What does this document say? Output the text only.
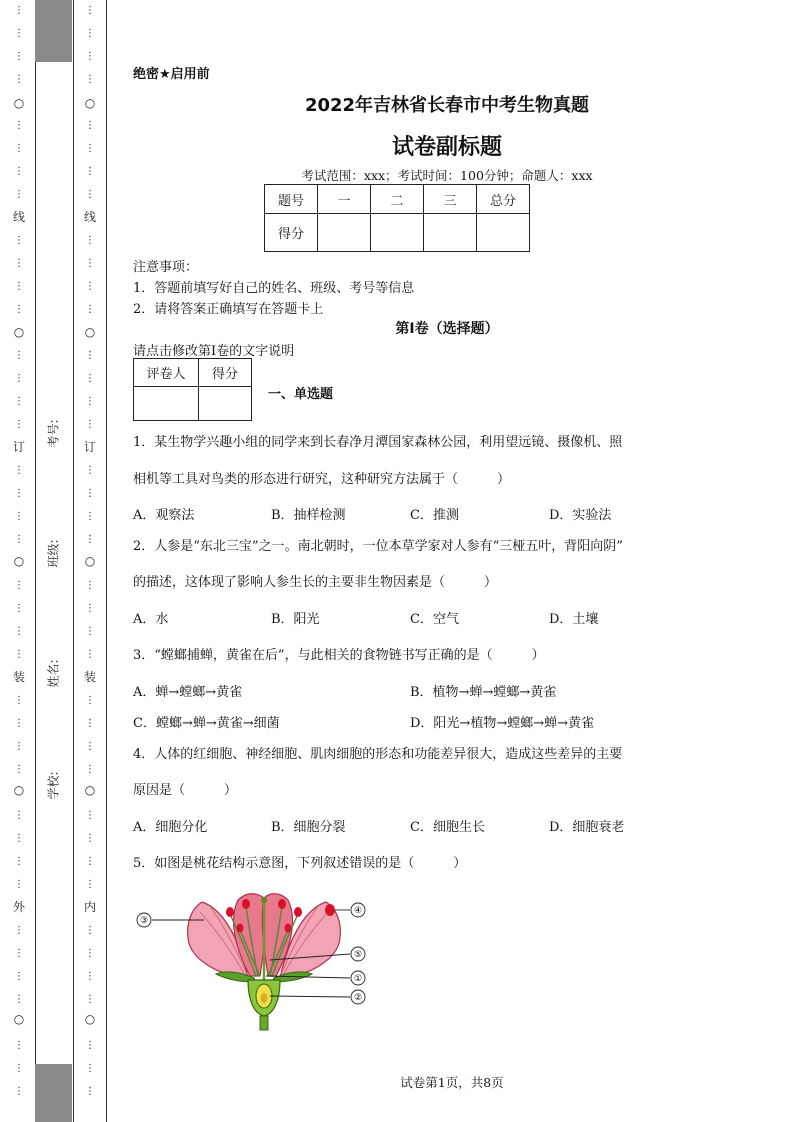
⋮
⋮
⋮
⋮
⋮
⋮
⋮
⋮
⋮
⋮
⋮
⋮
⋮
⋮
⋮
⋮
⋮
⋮
⋮
⋮
⋮
⋮
⋮
⋮
⋮
⋮
⋮
⋮
⋮
⋮
⋮
⋮
⋮
⋮
⋮
⋮
⋮
⋮
⋮
⋮
⋮
⋮
⋮
⋮
⋮
⋮
⋮
⋮
⋮
⋮
⋮
⋮
⋮
⋮
⋮
⋮
⋮
⋮
⋮
⋮
⋮
⋮
⋮
⋮
⋮
⋮
⋮
⋮
⋮
⋮
⋮
⋮
⋮
⋮
⋮
⋮
⋮
⋮
线
订
装
外
线
订
装
内
○
○
○
○
○
○
○
○
○
○
考号:
班级:
姓名:
学校:
绝密★启用前
2022年吉林省长春市中考生物真题
试卷副标题
考试范围：xxx；考试时间：100分钟；命题人：xxx
题号	一	二	三	总分
得分				
注意事项：
1．答题前填写好自己的姓名、班级、考号等信息
2．请将答案正确填写在答题卡上
第I卷（选择题）
请点击修改第I卷的文字说明
评卷人	得分

一、单选题
1．某生物学兴趣小组的同学来到长春净月潭国家森林公园，利用望远镜、摄像机、照
相机等工具对鸟类的形态进行研究，这种研究方法属于（　　　）
A．观察法	B．抽样检测	C．推测	D．实验法
2．人参是“东北三宝”之一。南北朝时，一位本草学家对人参有“三桠五叶，背阳向阴”
的描述，这体现了影响人参生长的主要非生物因素是（　　　）
A．水	B．阳光	C．空气	D．土壤
3．“螳螂捕蝉，黄雀在后”，与此相关的食物链书写正确的是（　　　）
A．蝉→螳螂→黄雀	B．植物→蝉→螳螂→黄雀
C．螳螂→蝉→黄雀→细菌	D．阳光→植物→螳螂→蝉→黄雀
4．人体的红细胞、神经细胞、肌肉细胞的形态和功能差异很大，造成这些差异的主要
原因是（　　　）
A．细胞分化	B．细胞分裂	C．细胞生长	D．细胞衰老
5．如图是桃花结构示意图，下列叙述错误的是（　　　）
③
④
⑤
①
②
试卷第1页，共8页
